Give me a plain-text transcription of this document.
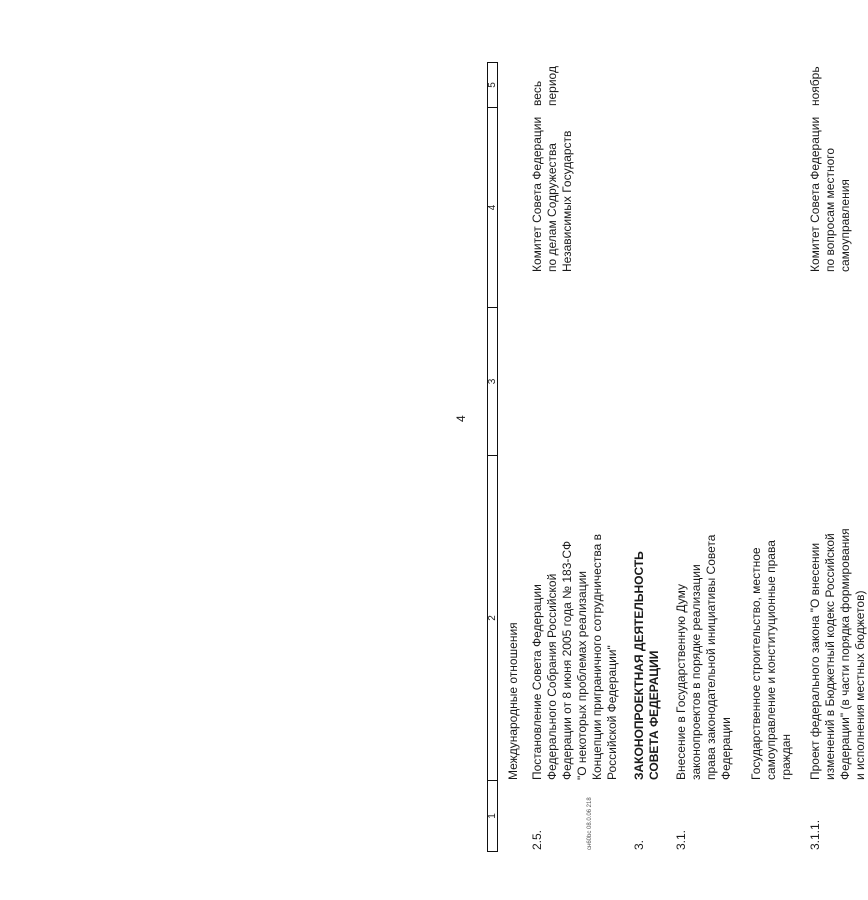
4
1
2
3
4
5
Международные отношения
2.5.
Постановление Совета Федерации Федерального Собрания Российской Федерации от 8 июня 2005 года № 183-СФ "О некоторых проблемах реализации Концепции приграничного сотрудничества в Российской Федерации"
Комитет Совета Федерации по делам Содружества Независимых Государств
весь период
3.
ЗАКОНОПРОЕКТНАЯ ДЕЯТЕЛЬНОСТЬ СОВЕТА ФЕДЕРАЦИИ
3.1.
Внесение в Государственную Думу законопроектов в порядке реализации права законодательной инициативы Совета Федерации Государственное строительство, местное самоуправление и конституционные права граждан
3.1.1.
Проект федерального закона "О внесении изменений в Бюджетный кодекс Российской Федерации" (в части порядка формирования и исполнения местных бюджетов)
Комитет Совета Федерации по вопросам местного самоуправления
ноябрь
сн60bc 08.0.06 218
